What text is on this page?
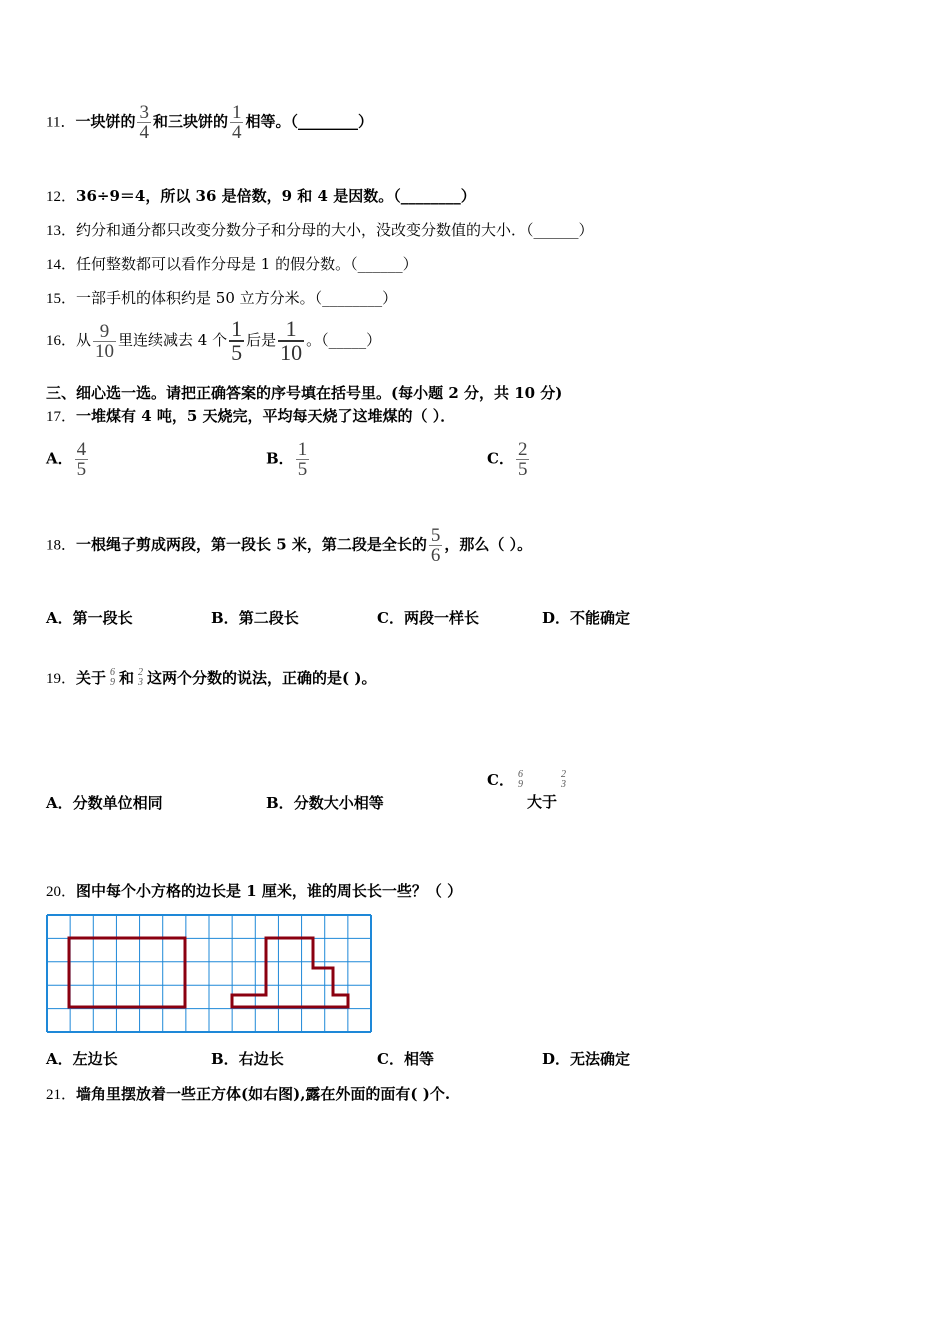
11．一块饼的 $\frac{3}{4}$ 和三块饼的 $\frac{1}{4}$ 相等。（________）
12．36÷9＝4，所以 36 是倍数，9 和 4 是因数。（________）
13．约分和通分都只改变分数分子和分母的大小，没改变分数值的大小．（______）
14．任何整数都可以看作分母是 1 的假分数。（______）
15．一部手机的体积约是 50 立方分米。（________）
16．从 $\frac{9}{10}$ 里连续减去 4 个 $\frac{1}{5}$ 后是 $\frac{1}{10}$ 。（_____）
三、细心选一选。请把正确答案的序号填在括号里。(每小题 2 分，共 10 分)
17．一堆煤有 4 吨，5 天烧完，平均每天烧了这堆煤的（ ）．
A． $\frac{4}{5}$	B． $\frac{1}{5}$	C． $\frac{2}{5}$
18．一根绳子剪成两段，第一段长 5 米，第二段是全长的 $\frac{5}{6}$ ，那么（ ）。
A．第一段长	B．第二段长	C．两段一样长	D．不能确定
19．关于 6
9 和 2
3 这两个分数的说法，正确的是( )。
A．分数单位相同	B．分数大小相等
C． 6
9
大于
2
3
20．图中每个小方格的边长是 1 厘米，谁的周长长一些？（ ）
A．左边长	B．右边长	C．相等	D．无法确定
21．墙角里摆放着一些正方体(如右图),露在外面的面有( )个.
